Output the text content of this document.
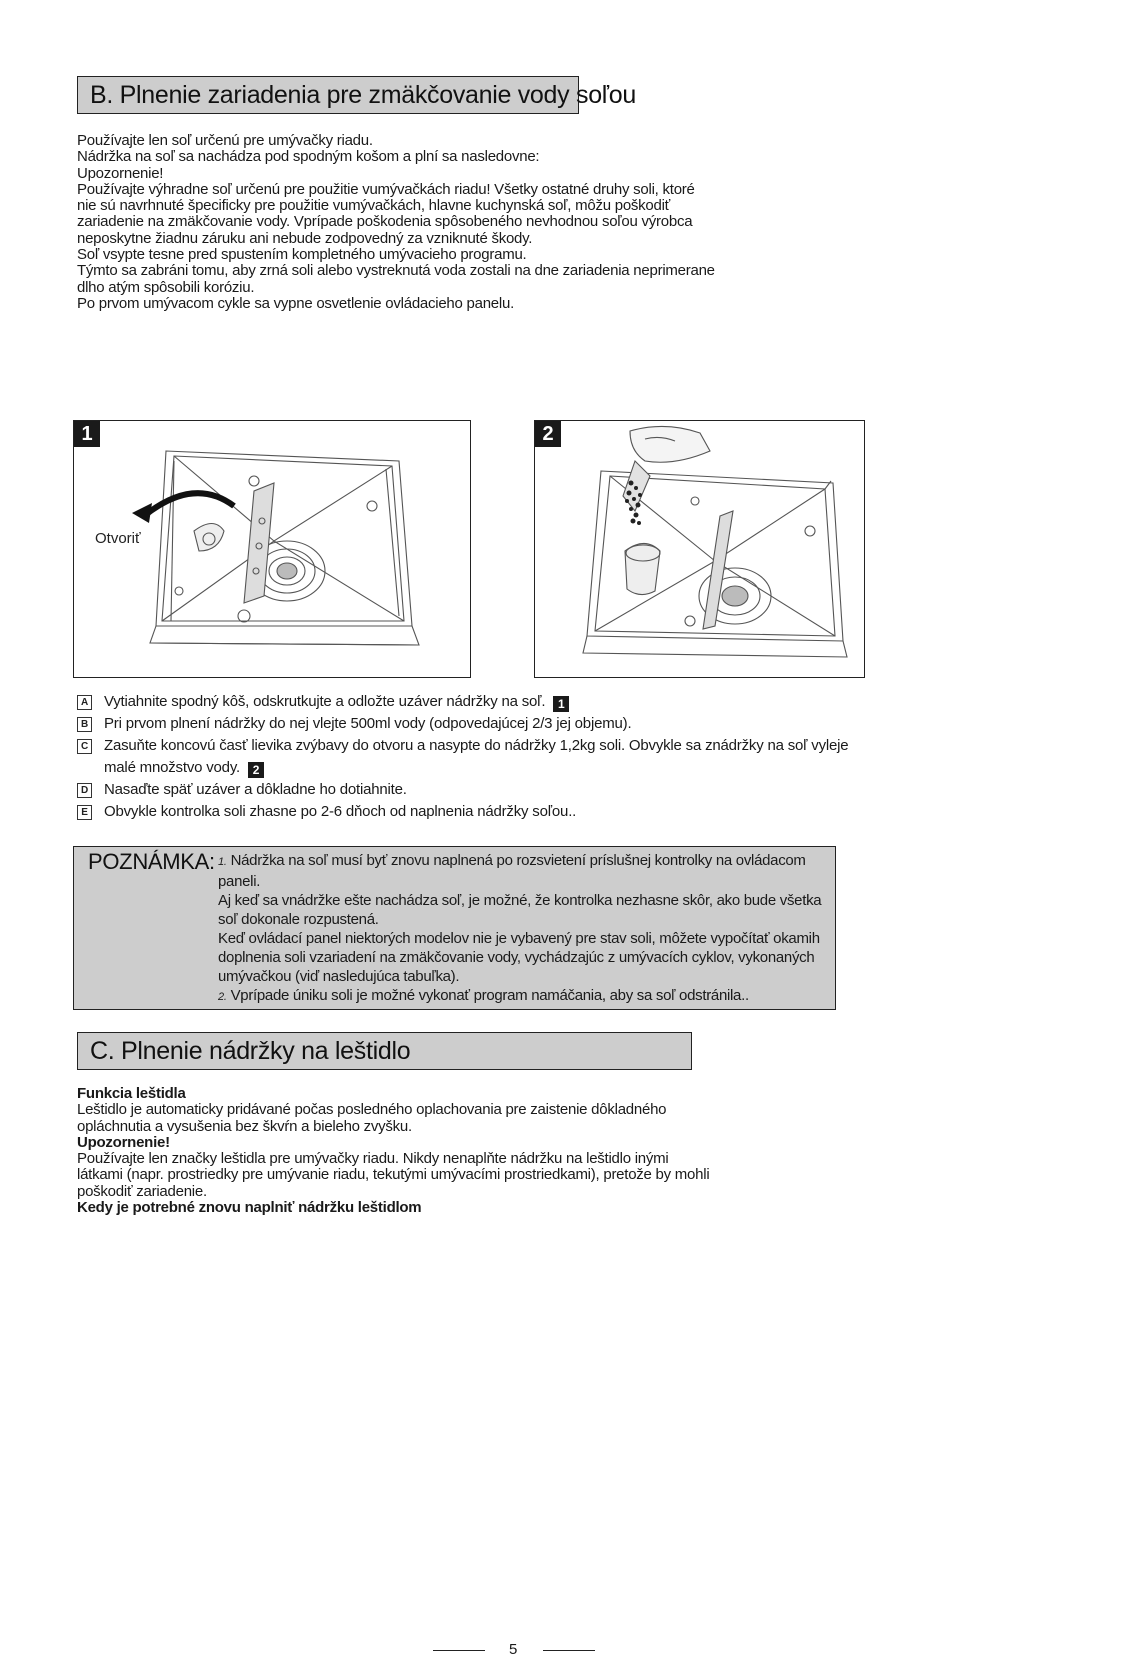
B. Plnenie zariadenia pre zmäkčovanie vody soľou

Používajte len soľ určenú pre umývačky riadu.

Nádržka na soľ sa nachádza pod spodným košom a plní sa nasledovne:

Upozornenie!

Používajte výhradne soľ určenú pre použitie vumývačkách riadu! Všetky ostatné druhy soli, ktoré nie sú navrhnuté špecificky pre použitie vumývačkách, hlavne kuchynská soľ, môžu poškodiť zariadenie na zmäkčovanie vody. Vprípade poškodenia spôsobeného nevhodnou soľou výrobca neposkytne žiadnu záruku ani nebude zodpovedný za vzniknuté škody.

Soľ vsypte tesne pred spustením kompletného umývacieho programu.

Týmto sa zabráni tomu, aby zrná soli alebo vystreknutá voda zostali na dne zariadenia neprimerane dlho atým spôsobili koróziu.

Po prvom umývacom cykle sa vypne osvetlenie ovládacieho panelu.

1
Otvoriť
2
A Vytiahnite spodný kôš, odskrutkujte a odložte uzáver nádržky na soľ. 1
B Pri prvom plnení nádržky do nej vlejte 500ml vody (odpovedajúcej 2/3 jej objemu).
C Zasuňte koncovú časť lievika zvýbavy do otvoru a nasypte do nádržky 1,2kg soli. Obvykle sa znádržky na soľ vyleje malé množstvo vody. 2
D Nasaďte späť uzáver a dôkladne ho dotiahnite.
E Obvykle kontrolka soli zhasne po 2-6 dňoch od naplnenia nádržky soľou..
POZNÁMKA: 1. Nádržka na soľ musí byť znovu naplnená po rozsvietení príslušnej kontrolky na ovládacom paneli.

Aj keď sa vnádržke ešte nachádza soľ, je možné, že kontrolka nezhasne skôr, ako bude všetka soľ dokonale rozpustená.

Keď ovládací panel niektorých modelov nie je vybavený pre stav soli, môžete vypočítať okamih doplnenia soli vzariadení na zmäkčovanie vody, vychádzajúc z umývacích cyklov, vykonaných umývačkou (viď nasledujúca tabuľka).

2. Vprípade úniku soli je možné vykonať program namáčania, aby sa soľ odstránila..

C. Plnenie nádržky na leštidlo

Funkcia leštidla

Leštidlo je automaticky pridávané počas posledného oplachovania pre zaistenie dôkladného opláchnutia a vysušenia bez škvŕn a bieleho zvyšku.

Upozornenie!

Používajte len značky leštidla pre umývačky riadu. Nikdy nenaplňte nádržku na leštidlo inými látkami (napr. prostriedky pre umývanie riadu, tekutými umývacími prostriedkami), pretože by mohli poškodiť zariadenie.

Kedy je potrebné znovu naplniť nádržku leštidlom

5
